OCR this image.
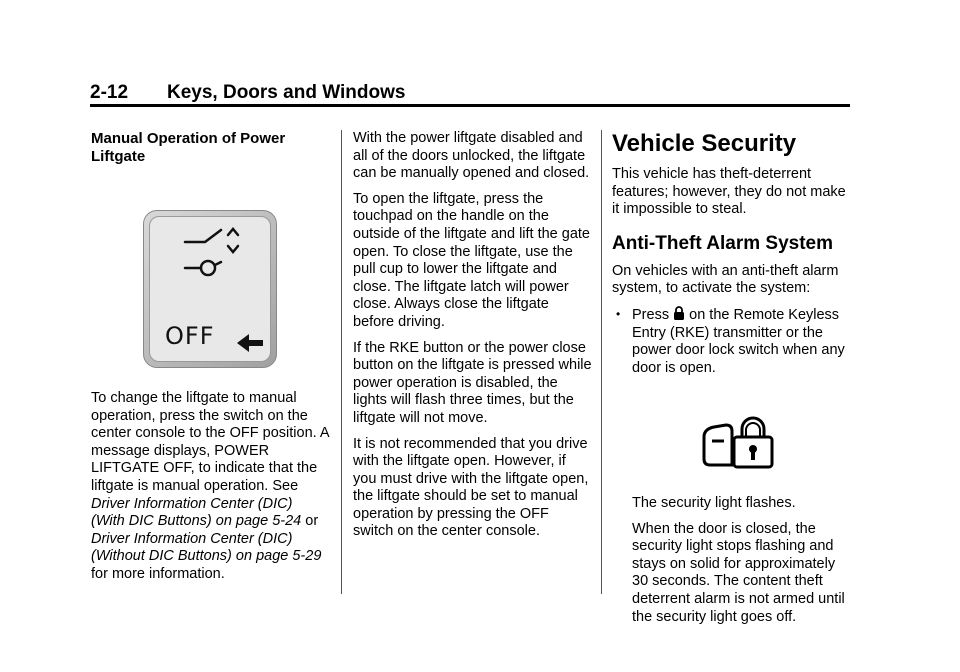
2-12 Keys, Doors and Windows
Manual Operation of Power
Liftgate
OFF

To change the liftgate to manual operation, press the switch on the center console to the OFF position. A message displays, POWER LIFTGATE OFF, to indicate that the liftgate is manual operation. See Driver Information Center (DIC) (With DIC Buttons) on page 5‑24 or Driver Information Center (DIC) (Without DIC Buttons) on page 5‑29 for more information.

With the power liftgate disabled and all of the doors unlocked, the liftgate can be manually opened and closed.

To open the liftgate, press the touchpad on the handle on the outside of the liftgate and lift the gate open. To close the liftgate, use the pull cup to lower the liftgate and close. The liftgate latch will power close. Always close the liftgate before driving.

If the RKE button or the power close button on the liftgate is pressed while power operation is disabled, the lights will flash three times, but the liftgate will not move.

It is not recommended that you drive with the liftgate open. However, if you must drive with the liftgate open, the liftgate should be set to manual operation by pressing the OFF switch on the center console.

Vehicle Security

This vehicle has theft-deterrent features; however, they do not make it impossible to steal.

Anti-Theft Alarm System

On vehicles with an anti-theft alarm system, to activate the system:

• Press on the Remote Keyless Entry (RKE) transmitter or the power door lock switch when any door is open.

The security light flashes.

When the door is closed, the security light stops flashing and stays on solid for approximately 30 seconds. The content theft deterrent alarm is not armed until the security light goes off.
